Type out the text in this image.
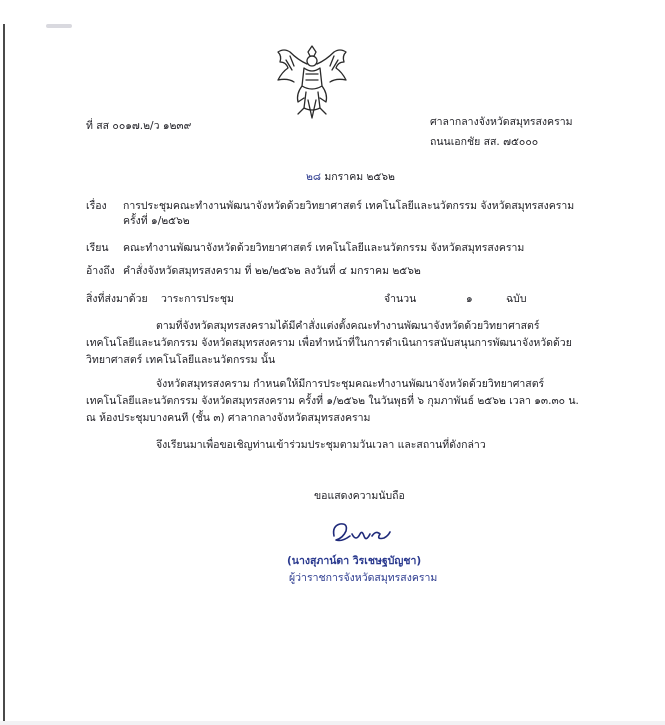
ที่ สส ๐๐๑๗.๒/ว ๑๒๓๙	ศาลากลางจังหวัดสมุทรสงคราม
ถนนเอกชัย สส. ๗๕๐๐๐
๒๘ มกราคม ๒๕๖๒
เรื่อง การประชุมคณะทำงานพัฒนาจังหวัดด้วยวิทยาศาสตร์ เทคโนโลยีและนวัตกรรม จังหวัดสมุทรสงคราม
ครั้งที่ ๑/๒๕๖๒
เรียน คณะทำงานพัฒนาจังหวัดด้วยวิทยาศาสตร์ เทคโนโลยีและนวัตกรรม จังหวัดสมุทรสงคราม
อ้างถึง คำสั่งจังหวัดสมุทรสงคราม ที่ ๒๒/๒๕๖๒ ลงวันที่ ๔ มกราคม ๒๕๖๒
สิ่งที่ส่งมาด้วย วาระการประชุม	จำนวน	๑	ฉบับ
ตามที่จังหวัดสมุทรสงครามได้มีคำสั่งแต่งตั้งคณะทำงานพัฒนาจังหวัดด้วยวิทยาศาสตร์ เทคโนโลยีและนวัตกรรม จังหวัดสมุทรสงคราม เพื่อทำหน้าที่ในการดำเนินการสนับสนุนการพัฒนาจังหวัดด้วยวิทยาศาสตร์ เทคโนโลยีและนวัตกรรม นั้น
จังหวัดสมุทรสงคราม กำหนดให้มีการประชุมคณะทำงานพัฒนาจังหวัดด้วยวิทยาศาสตร์ เทคโนโลยีและนวัตกรรม จังหวัดสมุทรสงคราม ครั้งที่ ๑/๒๕๖๒ ในวันพุธที่ ๖ กุมภาพันธ์ ๒๕๖๒ เวลา ๑๓.๓๐ น. ณ ห้องประชุมบางคนที (ชั้น ๓) ศาลากลางจังหวัดสมุทรสงคราม
จึงเรียนมาเพื่อขอเชิญท่านเข้าร่วมประชุมตามวันเวลา และสถานที่ดังกล่าว
ขอแสดงความนับถือ
(นางสุภาน์ดา วิรเชษฐบัญชา)
ผู้ว่าราชการจังหวัดสมุทรสงคราม
